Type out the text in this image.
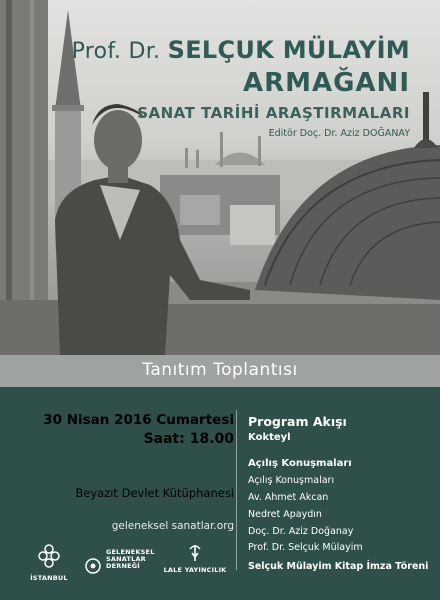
Prof. Dr. SELÇUK MÜLAYİM
ARMAĞANI
SANAT TARİHİ ARAŞTIRMALARI
Editör Doç. Dr. Aziz DOĞANAY
Tanıtım Toplantısı
30 Nisan 2016 Cumartesi
Saat: 18.00
Beyazıt Devlet Kütüphanesi
geleneksel sanatlar.org
Program Akışı
Kokteyl
Açılış Konuşmaları
Açılış Konuşmaları
Av. Ahmet Akcan
Nedret Apaydın
Doç. Dr. Aziz Doğanay
Prof. Dr. Selçuk Mülayim
Selçuk Mülayim Kitap İmza Töreni
İSTANBUL
GELENEKSEL
SANATLAR
DERNEĞİ	LALE YAYINCILIK
